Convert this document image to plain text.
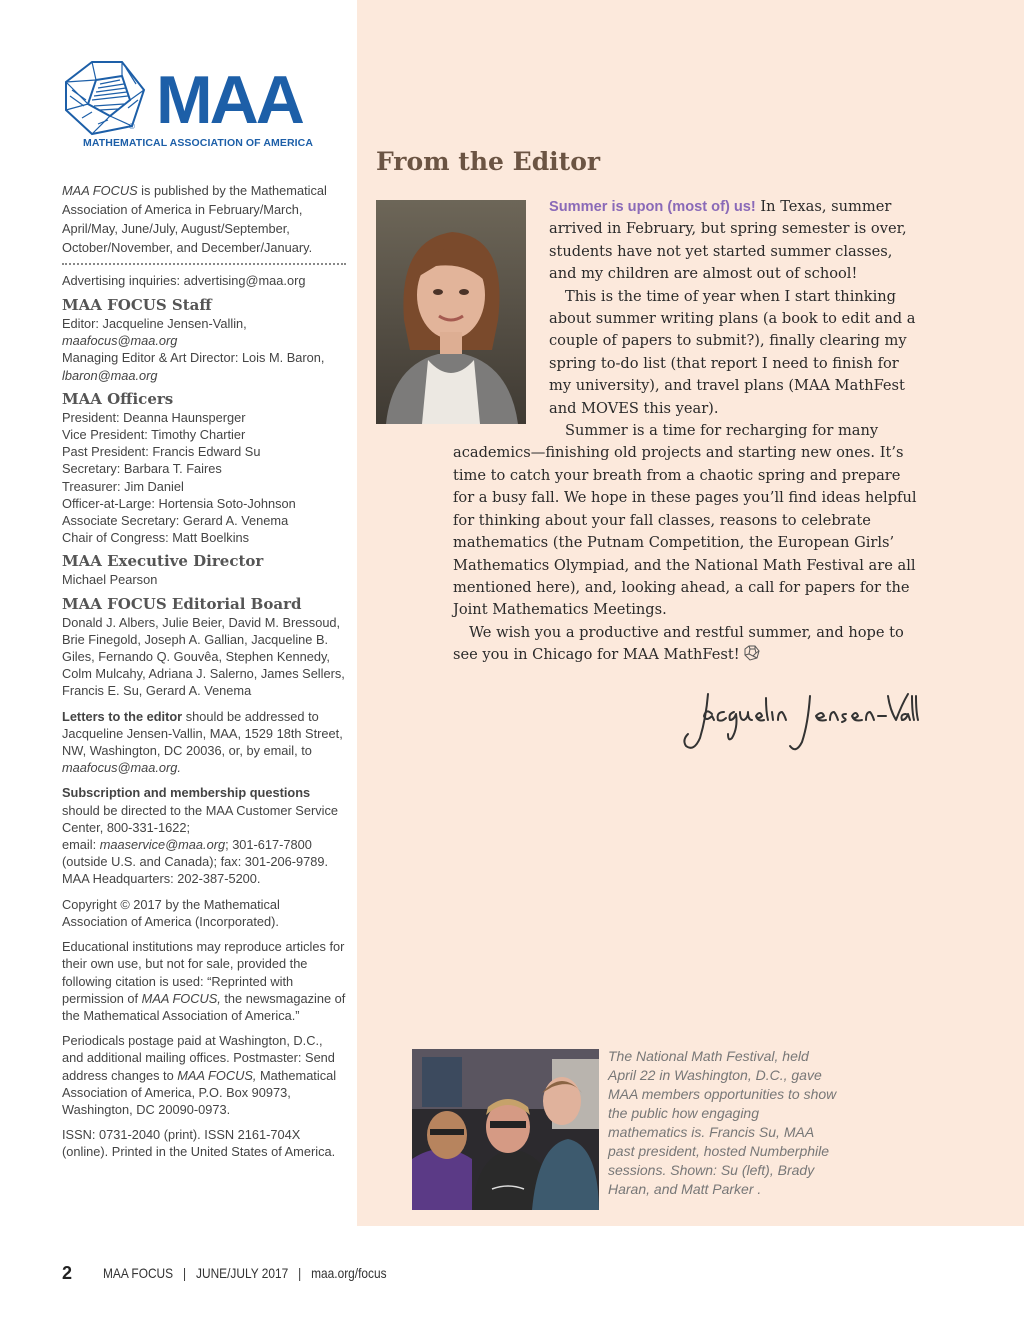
® MAA
MATHEMATICAL ASSOCIATION OF AMERICA

MAA FOCUS is published by the Mathematical Association of America in February/March, April/May, June/July, August/September, October/November, and December/January.

Advertising inquiries: advertising@maa.org

MAA FOCUS Staff

Editor: Jacqueline Jensen-Vallin,

maafocus@maa.org

Managing Editor & Art Director: Lois M. Baron,

lbaron@maa.org

MAA Officers

President: Deanna Haunsperger

Vice President: Timothy Chartier

Past President: Francis Edward Su

Secretary: Barbara T. Faires

Treasurer: Jim Daniel

Officer-at-Large: Hortensia Soto-Johnson

Associate Secretary: Gerard A. Venema

Chair of Congress: Matt Boelkins

MAA Executive Director

Michael Pearson

MAA FOCUS Editorial Board

Donald J. Albers, Julie Beier, David M. Bressoud, Brie Finegold, Joseph A. Gallian, Jacqueline B. Giles, Fernando Q. Gouvêa, Stephen Kennedy, Colm Mulcahy, Adriana J. Salerno, James Sellers, Francis E. Su, Gerard A. Venema

Letters to the editor should be addressed to Jacqueline Jensen-Vallin, MAA, 1529 18th Street, NW, Washington, DC 20036, or, by email, to maafocus@maa.org.

Subscription and membership questions should be directed to the MAA Customer Service Center, 800-331-1622;
email: maaservice@maa.org; 301-617-7800 (outside U.S. and Canada); fax: 301-206-9789. MAA Headquarters: 202-387-5200.

Copyright © 2017 by the Mathematical Association of America (Incorporated).

Educational institutions may reproduce articles for their own use, but not for sale, provided the following citation is used: “Reprinted with permission of MAA FOCUS, the newsmagazine of the Mathematical Association of America.”

Periodicals postage paid at Washington, D.C., and additional mailing offices. Postmaster: Send address changes to MAA FOCUS, Mathematical Association of America, P.O. Box 90973, Washington, DC 20090-0973.

ISSN: 0731-2040 (print). ISSN 2161-704X (online). Printed in the United States of America.

From the Editor

Summer is upon (most of) us! In Texas, summer arrived in February, but spring semester is over, students have not yet started summer classes, and my children are almost out of school!

This is the time of year when I start thinking about summer writing plans (a book to edit and a couple of papers to submit?), finally clearing my spring to-do list (that report I need to finish for my university), and travel plans (MAA MathFest and MOVES this year).

Summer is a time for recharging for many

academics—finishing old projects and starting new ones. It’s time to catch your breath from a chaotic spring and prepare for a busy fall. We hope in these pages you’ll find ideas helpful for thinking about your fall classes, reasons to celebrate mathematics (the Putnam Competition, the European Girls’ Mathematics Olympiad, and the National Math Festival are all mentioned here), and, looking ahead, a call for papers for the Joint Mathematics Meetings.

We wish you a productive and restful summer, and hope to see you in Chicago for MAA MathFest!

The National Math Festival, held April 22 in Washington, D.C., gave MAA members opportunities to show the public how engaging mathematics is. Francis Su, MAA past president, hosted Numberphile sessions. Shown: Su (left), Brady Haran, and Matt Parker .
2 MAA FOCUS | JUNE/JULY 2017 | maa.org/focus
